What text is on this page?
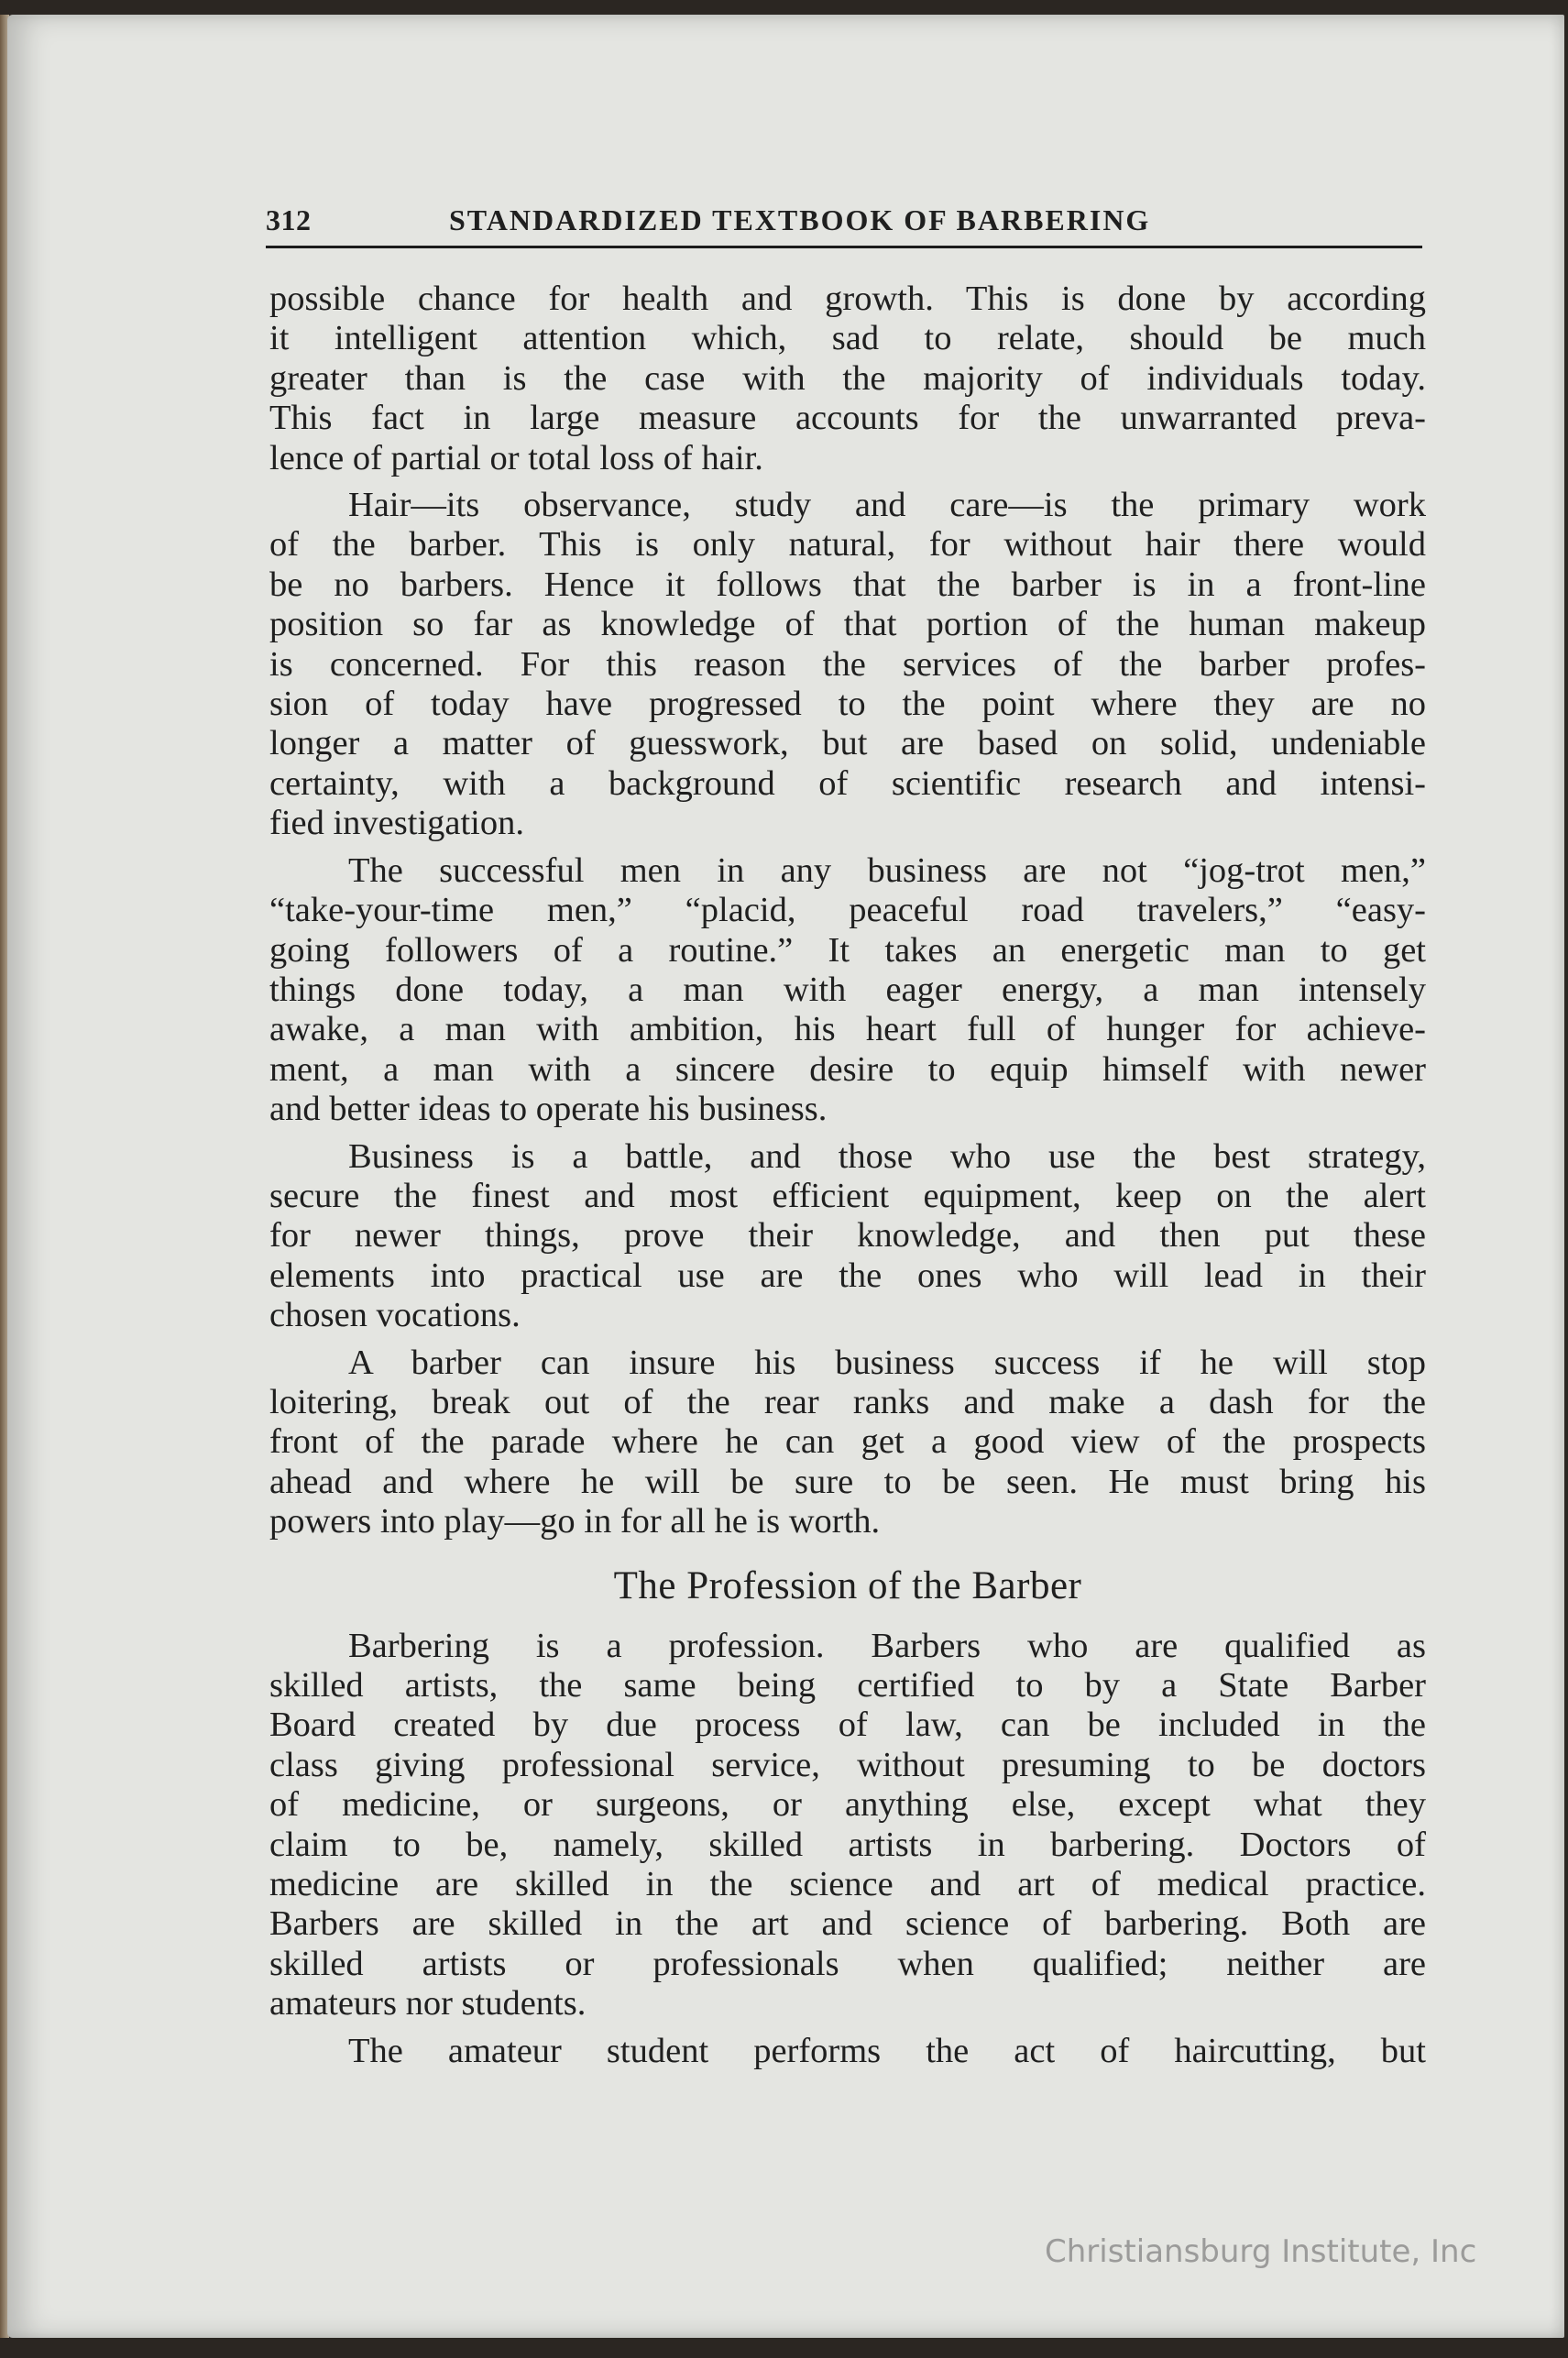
312	STANDARDIZED TEXTBOOK OF BARBERING

possible chance for health and growth. This is done by according
it intelligent attention which, sad to relate, should be much
greater than is the case with the majority of individuals today.
This fact in large measure accounts for the unwarranted preva-
lence of partial or total loss of hair.

Hair—its observance, study and care—is the primary work
of the barber. This is only natural, for without hair there would
be no barbers. Hence it follows that the barber is in a front-line
position so far as knowledge of that portion of the human makeup
is concerned. For this reason the services of the barber profes-
sion of today have progressed to the point where they are no
longer a matter of guesswork, but are based on solid, undeniable
certainty, with a background of scientific research and intensi-
fied investigation.

The successful men in any business are not “jog-trot men,”
“take-your-time men,” “placid, peaceful road travelers,” “easy-
going followers of a routine.” It takes an energetic man to get
things done today, a man with eager energy, a man intensely
awake, a man with ambition, his heart full of hunger for achieve-
ment, a man with a sincere desire to equip himself with newer
and better ideas to operate his business.

Business is a battle, and those who use the best strategy,
secure the finest and most efficient equipment, keep on the alert
for newer things, prove their knowledge, and then put these
elements into practical use are the ones who will lead in their
chosen vocations.

A barber can insure his business success if he will stop
loitering, break out of the rear ranks and make a dash for the
front of the parade where he can get a good view of the prospects
ahead and where he will be sure to be seen. He must bring his
powers into play—go in for all he is worth.

The Profession of the Barber

Barbering is a profession. Barbers who are qualified as
skilled artists, the same being certified to by a State Barber
Board created by due process of law, can be included in the
class giving professional service, without presuming to be doctors
of medicine, or surgeons, or anything else, except what they
claim to be, namely, skilled artists in barbering. Doctors of
medicine are skilled in the science and art of medical practice.
Barbers are skilled in the art and science of barbering. Both are
skilled artists or professionals when qualified; neither are
amateurs nor students.

The amateur student performs the act of haircutting, but

Christiansburg Institute, Inc
